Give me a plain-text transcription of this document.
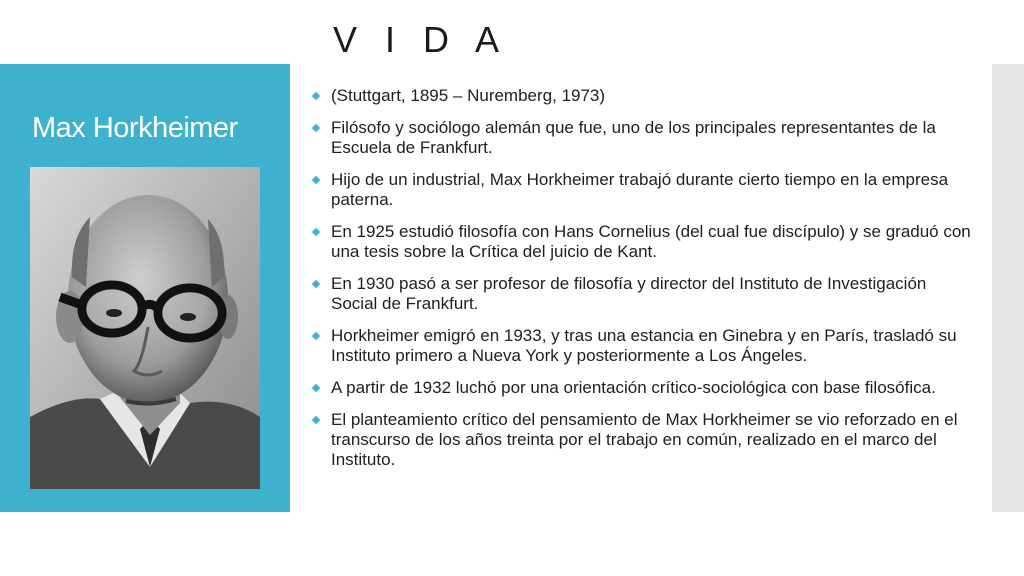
V I D A
Max Horkheimer
(Stuttgart, 1895 – Nuremberg, 1973)
Filósofo y sociólogo alemán que fue, uno de los principales representantes de la Escuela de Frankfurt.
Hijo de un industrial, Max Horkheimer trabajó durante cierto tiempo en la empresa paterna.
En 1925 estudió filosofía con Hans Cornelius (del cual fue discípulo) y se graduó con una tesis sobre la Crítica del juicio de Kant.
En 1930 pasó a ser profesor de filosofía y director del Instituto de Investigación Social de Frankfurt.
Horkheimer emigró en 1933, y tras una estancia en Ginebra y en París, trasladó su Instituto primero a Nueva York y posteriormente a Los Ángeles.
A partir de 1932 luchó por una orientación crítico-sociológica con base filosófica.
El planteamiento crítico del pensamiento de Max Horkheimer se vio reforzado en el transcurso de los años treinta por el trabajo en común, realizado en el marco del Instituto.
